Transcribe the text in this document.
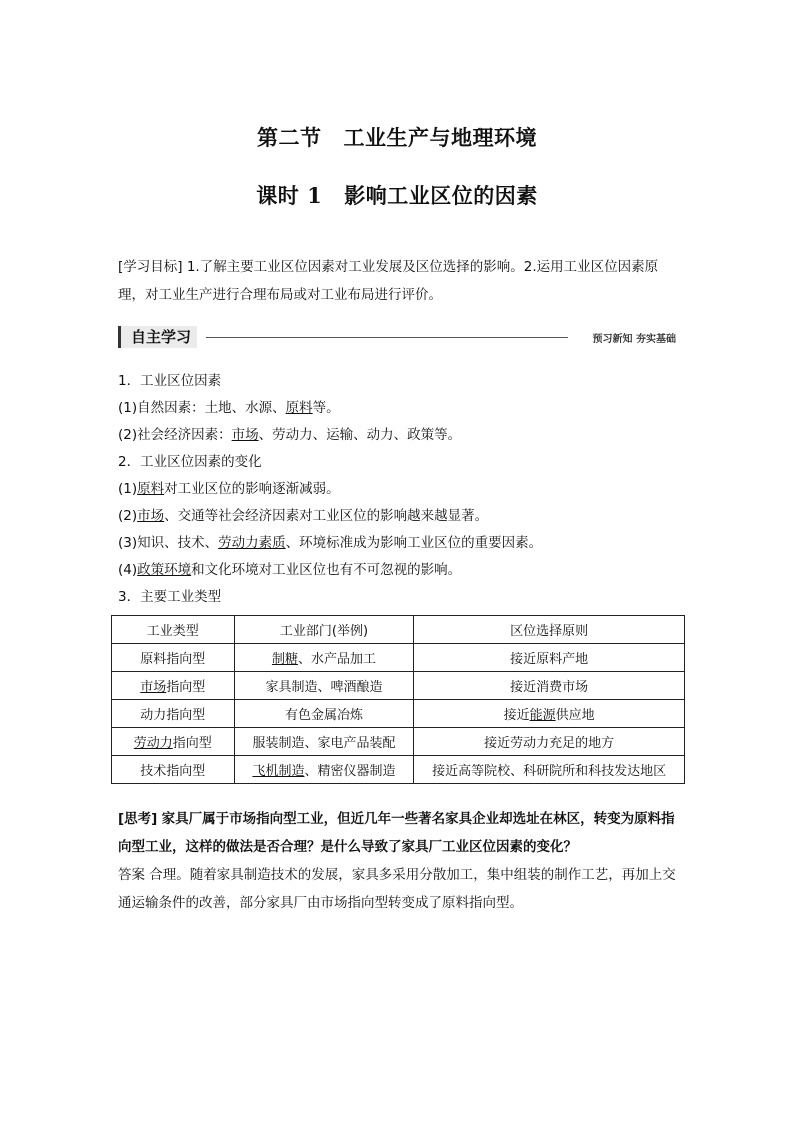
第二节 工业生产与地理环境
课时 1 影响工业区位的因素
[学习目标] 1.了解主要工业区位因素对工业发展及区位选择的影响。2.运用工业区位因素原理，对工业生产进行合理布局或对工业布局进行评价。
自主学习	预习新知 夯实基础
1．工业区位因素
(1)自然因素：土地、水源、原料等。
(2)社会经济因素：市场、劳动力、运输、动力、政策等。
2．工业区位因素的变化
(1)原料对工业区位的影响逐渐减弱。
(2)市场、交通等社会经济因素对工业区位的影响越来越显著。
(3)知识、技术、劳动力素质、环境标准成为影响工业区位的重要因素。
(4)政策环境和文化环境对工业区位也有不可忽视的影响。
3．主要工业类型
工业类型	工业部门(举例)	区位选择原则
原料指向型	制糖、水产品加工	接近原料产地
市场指向型	家具制造、啤酒酿造	接近消费市场
动力指向型	有色金属冶炼	接近能源供应地
劳动力指向型	服装制造、家电产品装配	接近劳动力充足的地方
技术指向型	飞机制造、精密仪器制造	接近高等院校、科研院所和科技发达地区

[思考] 家具厂属于市场指向型工业，但近几年一些著名家具企业却选址在林区，转变为原料指向型工业，这样的做法是否合理？是什么导致了家具厂工业区位因素的变化？

答案 合理。随着家具制造技术的发展，家具多采用分散加工，集中组装的制作工艺，再加上交通运输条件的改善，部分家具厂由市场指向型转变成了原料指向型。
